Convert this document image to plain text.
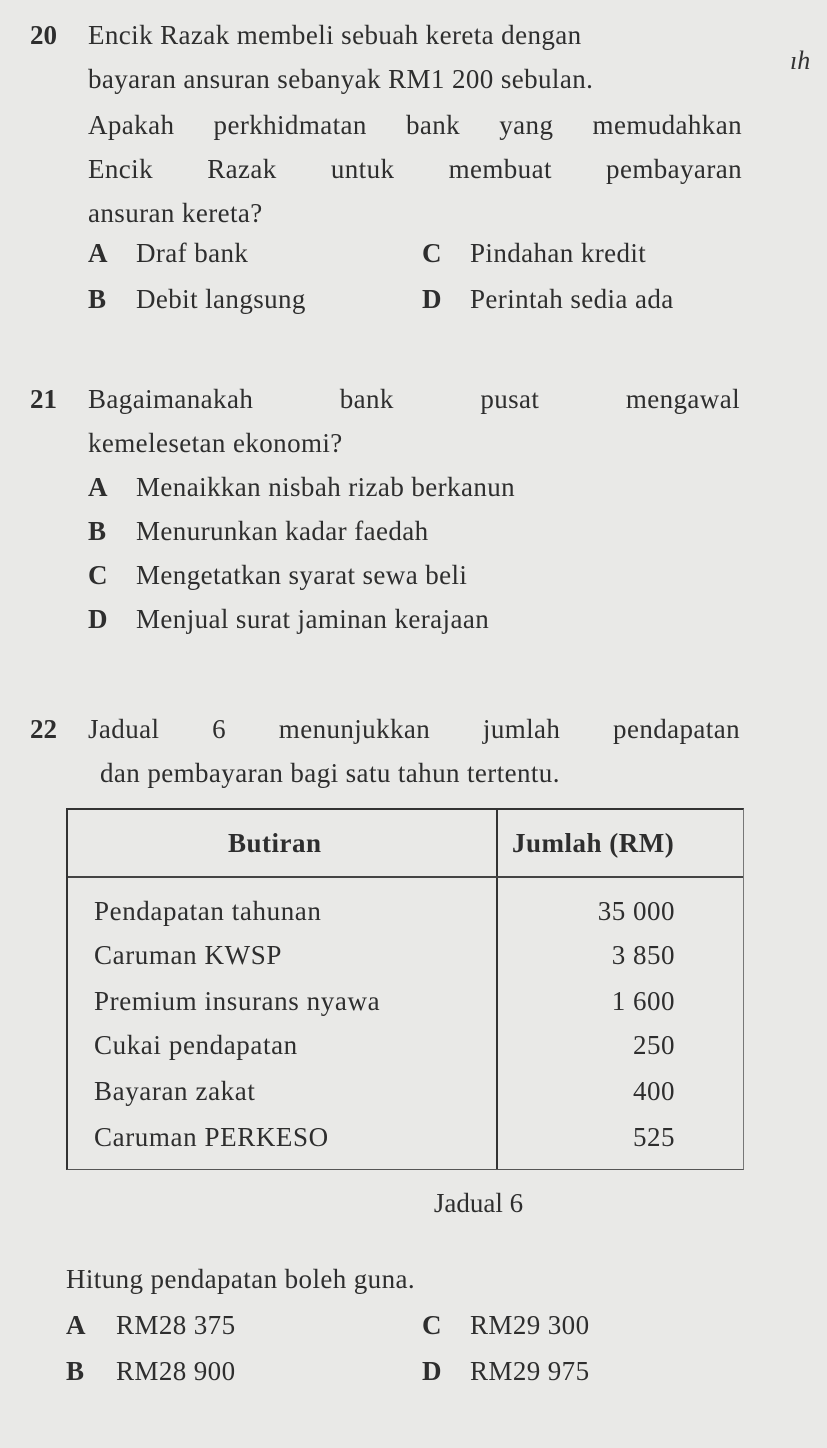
ıh
20 Encik Razak membeli sebuah kereta dengan
bayaran ansuran sebanyak RM1 200 sebulan.
Apakah perkhidmatan bank yang memudahkan
Encik Razak untuk membuat pembayaran
ansuran kereta?
A Draf bank	C Pindahan kredit
B Debit langsung	D Perintah sedia ada
21 Bagaimanakah bank pusat mengawal
kemelesetan ekonomi?
A Menaikkan nisbah rizab berkanun
B Menurunkan kadar faedah
C Mengetatkan syarat sewa beli
D Menjual surat jaminan kerajaan
22 Jadual 6 menunjukkan jumlah pendapatan
dan pembayaran bagi satu tahun tertentu.
Butiran	Jumlah (RM)
Pendapatan tahunan	35 000
Caruman KWSP	3 850
Premium insurans nyawa	1 600
Cukai pendapatan	250
Bayaran zakat	400
Caruman PERKESO	525
Jadual 6
Hitung pendapatan boleh guna.
A RM28 375	C RM29 300
B RM28 900	D RM29 975
